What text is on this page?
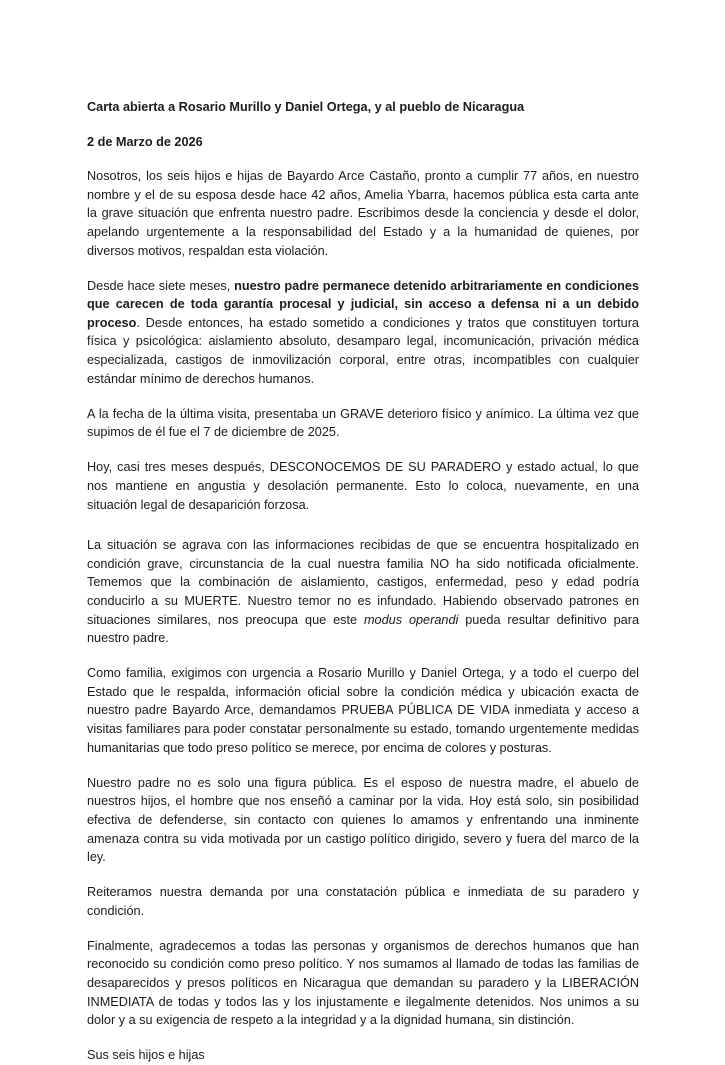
Carta abierta a Rosario Murillo y Daniel Ortega, y al pueblo de Nicaragua

2 de Marzo de 2026

Nosotros, los seis hijos e hijas de Bayardo Arce Castaño, pronto a cumplir 77 años, en nuestro nombre y el de su esposa desde hace 42 años, Amelia Ybarra, hacemos pública esta carta ante la grave situación que enfrenta nuestro padre. Escribimos desde la conciencia y desde el dolor, apelando urgentemente a la responsabilidad del Estado y a la humanidad de quienes, por diversos motivos, respaldan esta violación.

Desde hace siete meses, nuestro padre permanece detenido arbitrariamente en condiciones que carecen de toda garantía procesal y judicial, sin acceso a defensa ni a un debido proceso. Desde entonces, ha estado sometido a condiciones y tratos que constituyen tortura física y psicológica: aislamiento absoluto, desamparo legal, incomunicación, privación médica especializada, castigos de inmovilización corporal, entre otras, incompatibles con cualquier estándar mínimo de derechos humanos.

A la fecha de la última visita, presentaba un GRAVE deterioro físico y anímico. La última vez que supimos de él fue el 7 de diciembre de 2025.

Hoy, casi tres meses después, DESCONOCEMOS DE SU PARADERO y estado actual, lo que nos mantiene en angustia y desolación permanente. Esto lo coloca, nuevamente, en una situación legal de desaparición forzosa.

La situación se agrava con las informaciones recibidas de que se encuentra hospitalizado en condición grave, circunstancia de la cual nuestra familia NO ha sido notificada oficialmente. Tememos que la combinación de aislamiento, castigos, enfermedad, peso y edad podría conducirlo a su MUERTE. Nuestro temor no es infundado. Habiendo observado patrones en situaciones similares, nos preocupa que este modus operandi pueda resultar definitivo para nuestro padre.

Como familia, exigimos con urgencia a Rosario Murillo y Daniel Ortega, y a todo el cuerpo del Estado que le respalda, información oficial sobre la condición médica y ubicación exacta de nuestro padre Bayardo Arce, demandamos PRUEBA PÚBLICA DE VIDA inmediata y acceso a visitas familiares para poder constatar personalmente su estado, tomando urgentemente medidas humanitarias que todo preso político se merece, por encima de colores y posturas.

Nuestro padre no es solo una figura pública. Es el esposo de nuestra madre, el abuelo de nuestros hijos, el hombre que nos enseñó a caminar por la vida. Hoy está solo, sin posibilidad efectiva de defenderse, sin contacto con quienes lo amamos y enfrentando una inminente amenaza contra su vida motivada por un castigo político dirigido, severo y fuera del marco de la ley.

Reiteramos nuestra demanda por una constatación pública e inmediata de su paradero y condición.

Finalmente, agradecemos a todas las personas y organismos de derechos humanos que han reconocido su condición como preso político. Y nos sumamos al llamado de todas las familias de desaparecidos y presos políticos en Nicaragua que demandan su paradero y la LIBERACIÓN INMEDIATA de todas y todos las y los injustamente e ilegalmente detenidos. Nos unimos a su dolor y a su exigencia de respeto a la integridad y a la dignidad humana, sin distinción.

Sus seis hijos e hijas
